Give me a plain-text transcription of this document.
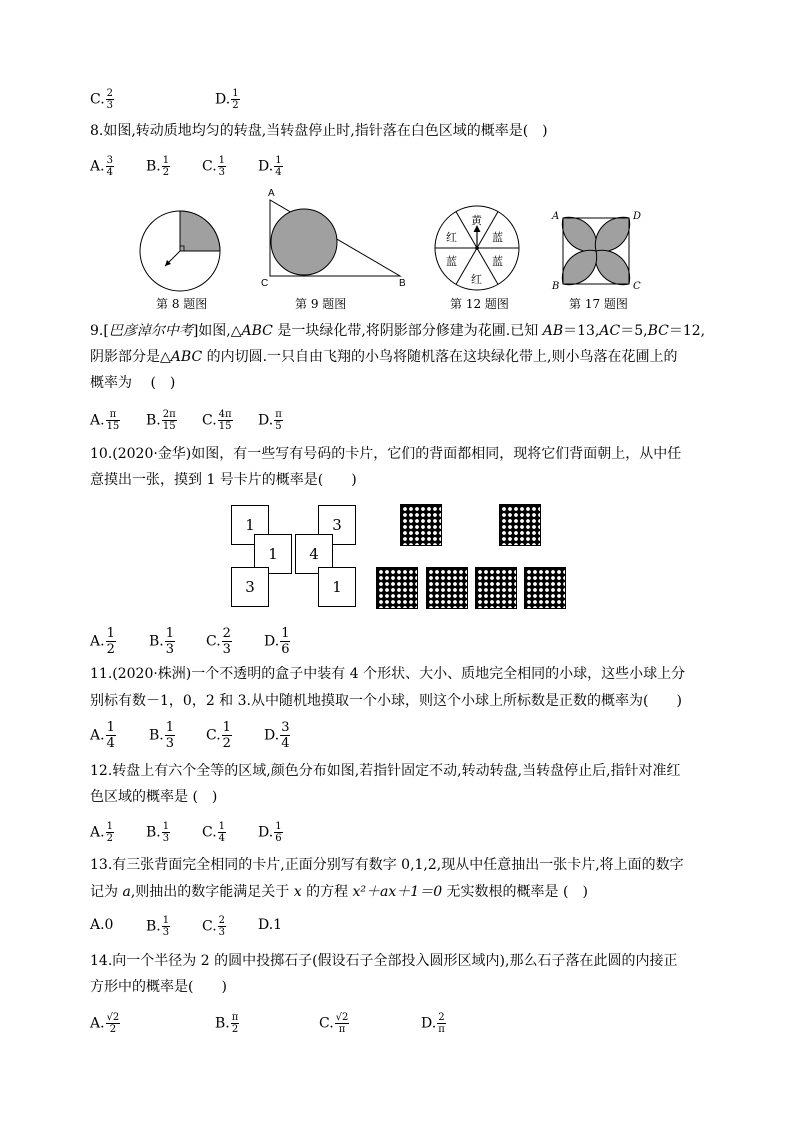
C. $\frac{2}{3}$	D. $\frac{1}{2}$
8.如图,转动质地均匀的转盘,当转盘停止时,指针落在白色区域的概率是(　)
A. $\frac{3}{4} B$. $\frac{1}{2} C$. $\frac{1}{3} D$. $\frac{1}{4}$
第 8 题图
A
C	B
第 9 题图
黄
蓝
蓝
红
蓝
红
第 12 题图
A	D
B	C
第 17 题图
9.[巴彦淖尔中考]如图,△ABC 是一块绿化带,将阴影部分修建为花圃.已知 AB＝13,AC＝5,BC＝12,
阴影部分是△ABC 的内切圆.一只自由飞翔的小鸟将随机落在这块绿化带上,则小鸟落在花圃上的
概率为 　(　)
A. $\frac{\pi}{15} B$. $\frac{2\pi}{15} C$. $\frac{4\pi}{15} D$. $\frac{\pi}{5}$
10.(2020·金华)如图，有一些写有号码的卡片，它们的背面都相同，现将它们背面朝上，从中任
意摸出一张，摸到 1 号卡片的概率是(　　)
1
1
3
3
4
1
A. $\frac{1}{2} B$. $\frac{1}{3} C$. $\frac{2}{3} D$. $\frac{1}{6}$
11.(2020·株洲)一个不透明的盒子中装有 4 个形状、大小、质地完全相同的小球，这些小球上分
别标有数－1，0，2 和 3.从中随机地摸取一个小球，则这个小球上所标数是正数的概率为(　　)
A. $\frac{1}{4} B$. $\frac{1}{3} C$. $\frac{1}{2} D$. $\frac{3}{4}$
12.转盘上有六个全等的区域,颜色分布如图,若指针固定不动,转动转盘,当转盘停止后,指针对准红
色区域的概率是 (　)
A. $\frac{1}{2} B$. $\frac{1}{3} C$. $\frac{1}{4} D$. $\frac{1}{6}$
13.有三张背面完全相同的卡片,正面分别写有数字 0,1,2,现从中任意抽出一张卡片,将上面的数字
记为 a,则抽出的数字能满足关于 x 的方程 x²＋ax＋1＝0 无实数根的概率是 (　)
A.0 B. $\frac{1}{3} C$. $\frac{2}{3} D.1$
14.向一个半径为 2 的圆中投掷石子(假设石子全部投入圆形区域内),那么石子落在此圆的内接正
方形中的概率是(　　)
A. $\frac{√2}{2}$	B. $\frac{\pi}{2}$	C. $\frac{√2}{\pi}$	D. $\frac{2}{\pi}$
